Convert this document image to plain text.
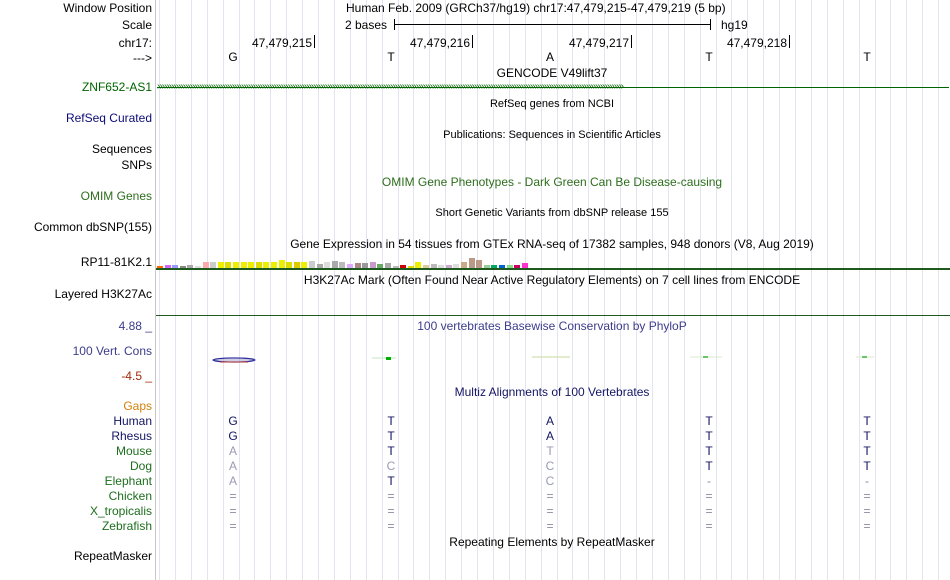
Window Position	Human Feb. 2009 (GRCh37/hg19) chr17:47,479,215-47,479,219 (5 bp)
Scale	2 bases	hg19
chr17:	47,479,215	47,479,216	47,479,217	47,479,218
--->	G	T	A	T	T
GENCODE V49lift37
ZNF652-AS1 ››››››››››››››››››››››››››››››››››››››››››››››››››››››››››››››››››››››››››››››››››››››››››››››››››››››››››››››››››››››››››››››››››››››››››››››››››››››››››››››››››››››››››››››››››››››››››››››››››››››››
RefSeq genes from NCBI
RefSeq Curated
Publications: Sequences in Scientific Articles
Sequences
SNPs
OMIM Gene Phenotypes - Dark Green Can Be Disease-causing
OMIM Genes
Short Genetic Variants from dbSNP release 155
Common dbSNP(155)
Gene Expression in 54 tissues from GTEx RNA-seq of 17382 samples, 948 donors (V8, Aug 2019)
RP11-81K2.1
H3K27Ac Mark (Often Found Near Active Regulatory Elements) on 7 cell lines from ENCODE
Layered H3K27Ac
100 vertebrates Basewise Conservation by PhyloP
4.88 _
100 Vert. Cons
-4.5 _
Multiz Alignments of 100 Vertebrates
Gaps
Human	G	T	A	T	T
Rhesus	G	T	A	T	T
Mouse	A	T	T	T	T
Dog	A	C	C	T	T
Elephant	A	T	C	-	-
Chicken	=	=	=	=	=
X_tropicalis	=	=	=	=	=
Zebrafish	=	=	=	=	=
Repeating Elements by RepeatMasker
RepeatMasker
